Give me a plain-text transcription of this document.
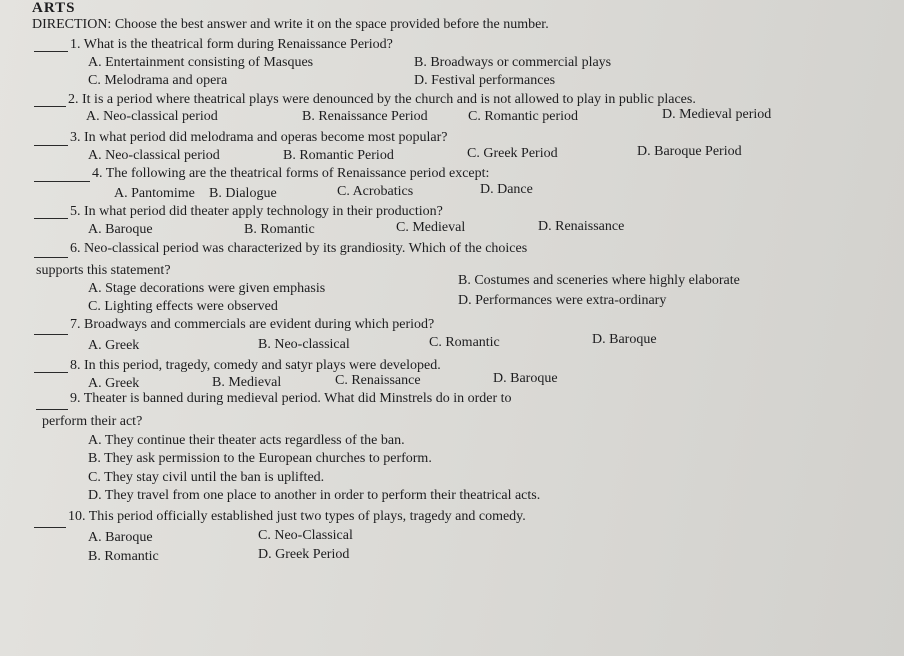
ARTS
DIRECTION: Choose the best answer and write it on the space provided before the number.
1. What is the theatrical form during Renaissance Period?
A. Entertainment consisting of Masques	B. Broadways or commercial plays
C. Melodrama and opera	D. Festival performances
2. It is a period where theatrical plays were denounced by the church and is not allowed to play in public places.
A. Neo-classical period	B. Renaissance Period	C. Romantic period	D. Medieval period
3. In what period did melodrama and operas become most popular?
A. Neo-classical period	B. Romantic Period	C. Greek Period	D. Baroque Period
4. The following are the theatrical forms of Renaissance period except:
A. Pantomime B. Dialogue	C. Acrobatics	D. Dance
5. In what period did theater apply technology in their production?
A. Baroque	B. Romantic	C. Medieval	D. Renaissance
6. Neo-classical period was characterized by its grandiosity. Which of the choices
supports this statement?
A. Stage decorations were given emphasis
B. Costumes and sceneries where highly elaborate
C. Lighting effects were observed	D. Performances were extra-ordinary
7. Broadways and commercials are evident during which period?
A. Greek	B. Neo-classical	C. Romantic	D. Baroque
8. In this period, tragedy, comedy and satyr plays were developed.
A. Greek	B. Medieval	C. Renaissance	D. Baroque
9. Theater is banned during medieval period. What did Minstrels do in order to
perform their act?
A. They continue their theater acts regardless of the ban.
B. They ask permission to the European churches to perform.
C. They stay civil until the ban is uplifted.
D. They travel from one place to another in order to perform their theatrical acts.
10. This period officially established just two types of plays, tragedy and comedy.
A. Baroque	C. Neo-Classical
B. Romantic	D. Greek Period
